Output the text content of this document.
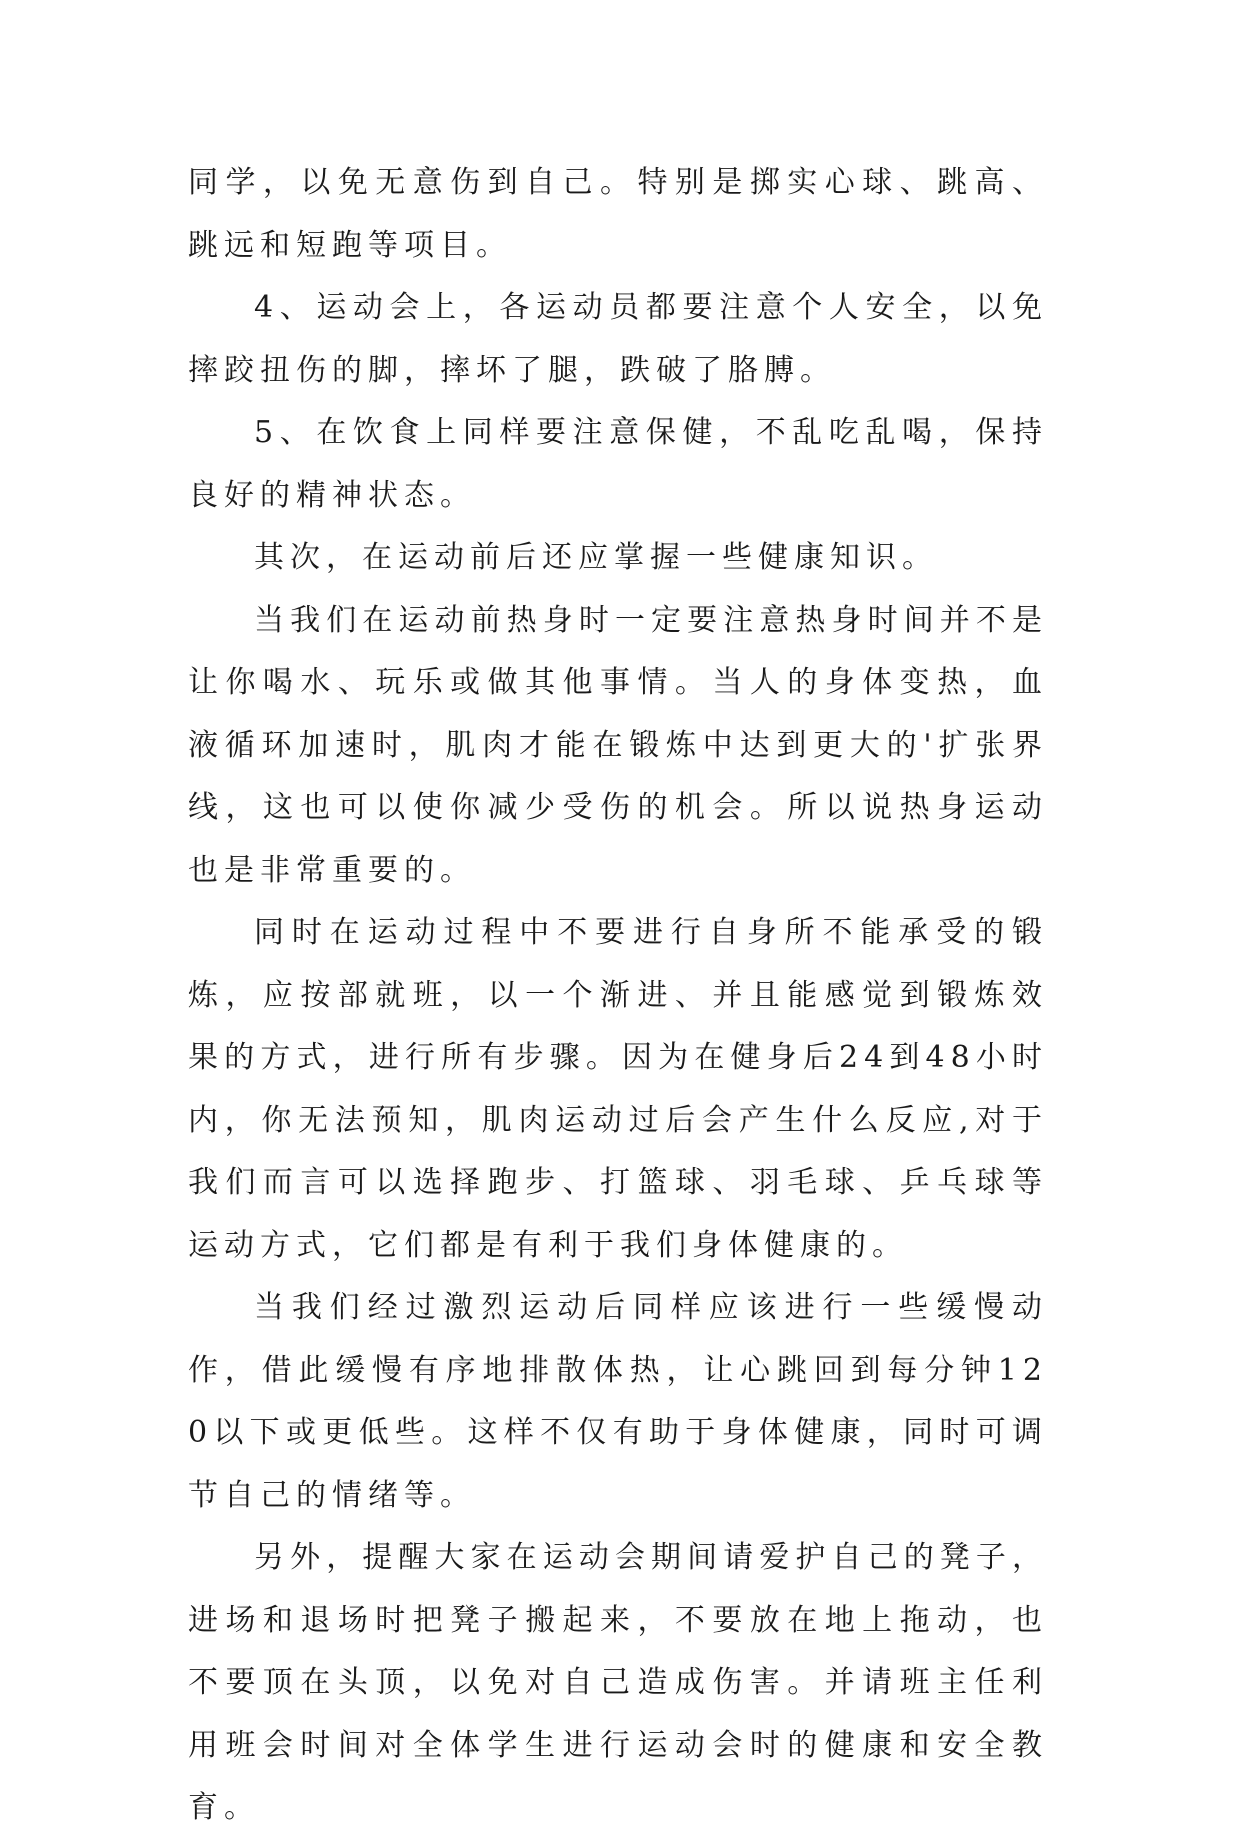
同学，以免无意伤到自己。特别是掷实心球、跳高、跳远和短跑等项目。

4、运动会上，各运动员都要注意个人安全，以免摔跤扭伤的脚，摔坏了腿，跌破了胳膊。

5、在饮食上同样要注意保健，不乱吃乱喝，保持良好的精神状态。

其次，在运动前后还应掌握一些健康知识。

当我们在运动前热身时一定要注意热身时间并不是让你喝水、玩乐或做其他事情。当人的身体变热，血液循环加速时，肌肉才能在锻炼中达到更大的'扩张界线，这也可以使你减少受伤的机会。所以说热身运动也是非常重要的。

同时在运动过程中不要进行自身所不能承受的锻炼，应按部就班，以一个渐进、并且能感觉到锻炼效果的方式，进行所有步骤。因为在健身后24到48小时内，你无法预知，肌肉运动过后会产生什么反应,对于我们而言可以选择跑步、打篮球、羽毛球、乒乓球等运动方式，它们都是有利于我们身体健康的。

当我们经过激烈运动后同样应该进行一些缓慢动作，借此缓慢有序地排散体热，让心跳回到每分钟120以下或更低些。这样不仅有助于身体健康，同时可调节自己的情绪等。

另外，提醒大家在运动会期间请爱护自己的凳子，进场和退场时把凳子搬起来，不要放在地上拖动，也不要顶在头顶，以免对自己造成伤害。并请班主任利用班会时间对全体学生进行运动会时的健康和安全教育。
